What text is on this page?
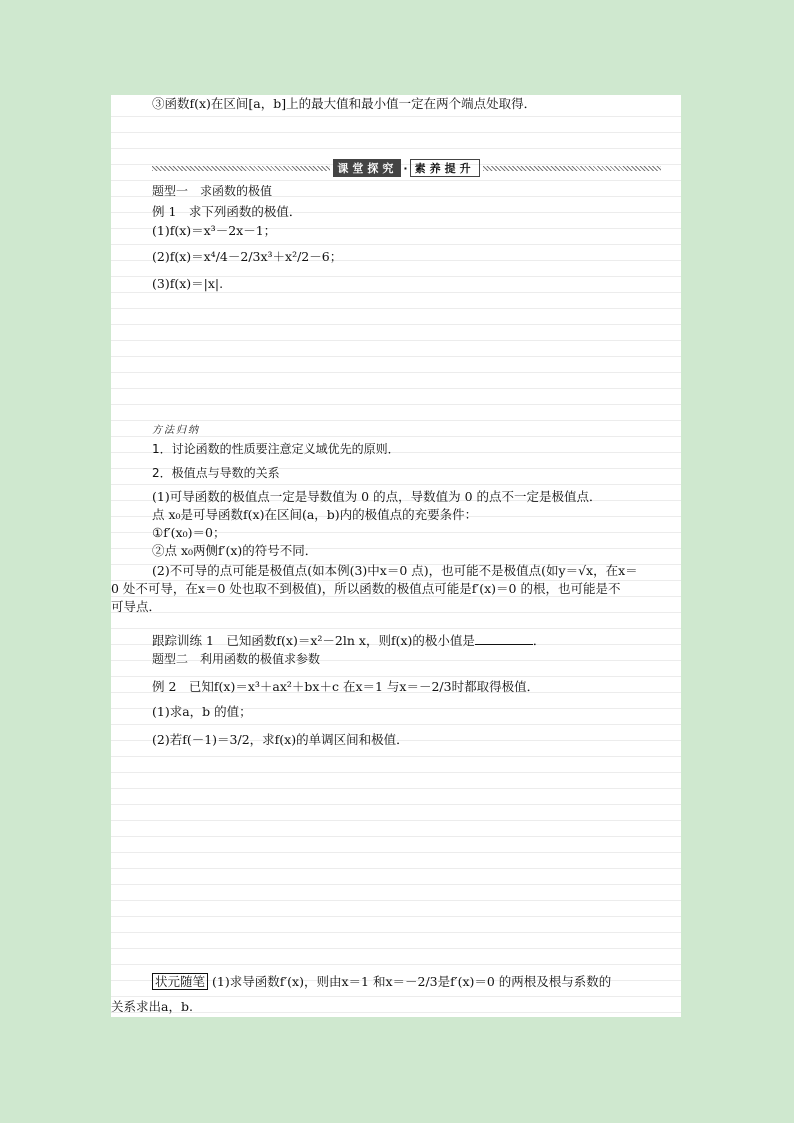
③函数f(x)在区间[a，b]上的最大值和最小值一定在两个端点处取得．
课堂探究 · 素养提升
题型一　求函数的极值
例 1　求下列函数的极值．
(1)f(x)＝x³－2x－1；
(2)f(x)＝x⁴/4－2/3x³＋x²/2－6；
(3)f(x)＝|x|.
方法归纳
1．讨论函数的性质要注意定义域优先的原则．
2．极值点与导数的关系
(1)可导函数的极值点一定是导数值为 0 的点，导数值为 0 的点不一定是极值点．
点 x₀是可导函数f(x)在区间(a，b)内的极值点的充要条件：
①f′(x₀)＝0；
②点 x₀两侧f′(x)的符号不同．
(2)不可导的点可能是极值点(如本例(3)中x＝0 点)，也可能不是极值点(如y＝√x，在x＝
0 处不可导，在x＝0 处也取不到极值)，所以函数的极值点可能是f′(x)＝0 的根，也可能是不
可导点．
跟踪训练 1　已知函数f(x)＝x²－2ln x，则f(x)的极小值是	．
题型二　利用函数的极值求参数
例 2　已知f(x)＝x³＋ax²＋bx＋c 在x＝1 与x＝－2/3时都取得极值．
(1)求a，b 的值；
(2)若f(－1)＝3/2，求f(x)的单调区间和极值．
状元随笔 (1)求导函数f′(x)，则由x＝1 和x＝－2/3是f′(x)＝0 的两根及根与系数的
关系求出a，b.
